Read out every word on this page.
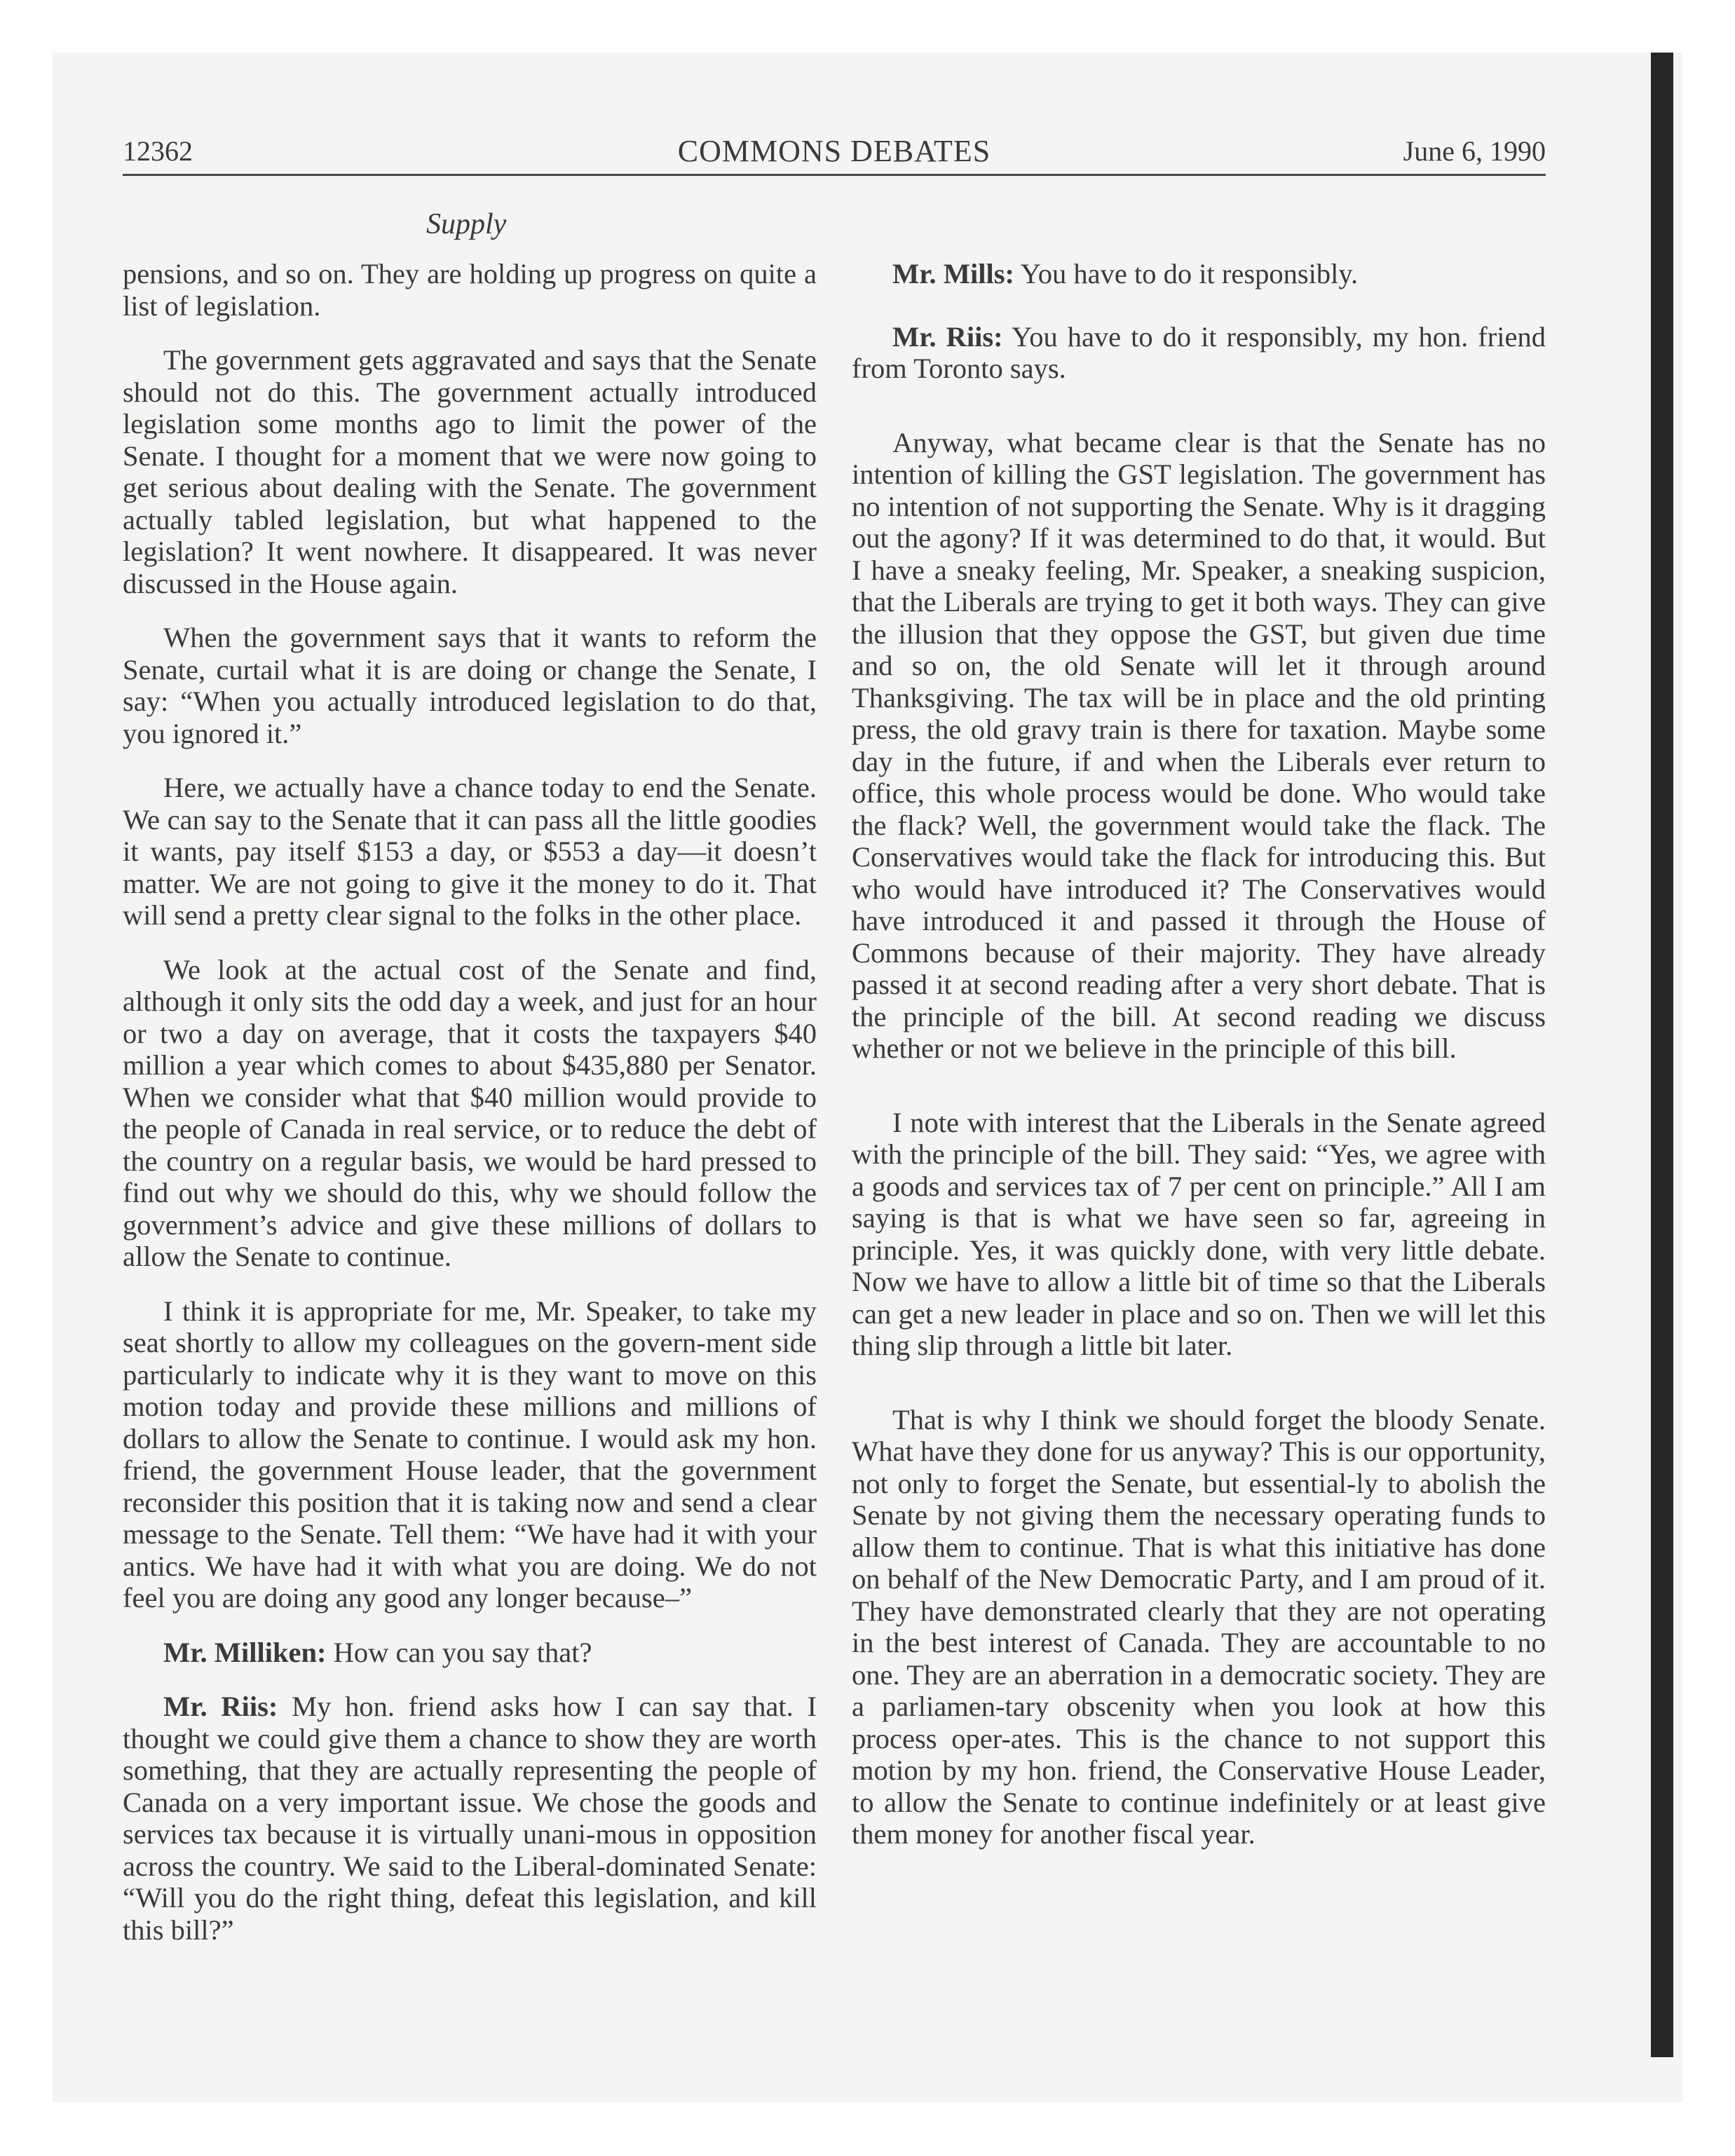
12362	COMMONS DEBATES	June 6, 1990
Supply

pensions, and so on. They are holding up progress on quite a list of legislation.

The government gets aggravated and says that the Senate should not do this. The government actually introduced legislation some months ago to limit the power of the Senate. I thought for a moment that we were now going to get serious about dealing with the Senate. The government actually tabled legislation, but what happened to the legislation? It went nowhere. It disappeared. It was never discussed in the House again.

When the government says that it wants to reform the Senate, curtail what it is are doing or change the Senate, I say: “When you actually introduced legislation to do that, you ignored it.”

Here, we actually have a chance today to end the Senate. We can say to the Senate that it can pass all the little goodies it wants, pay itself $153 a day, or $553 a day—it doesn’t matter. We are not going to give it the money to do it. That will send a pretty clear signal to the folks in the other place.

We look at the actual cost of the Senate and find, although it only sits the odd day a week, and just for an hour or two a day on average, that it costs the taxpayers $40 million a year which comes to about $435,880 per Senator. When we consider what that $40 million would provide to the people of Canada in real service, or to reduce the debt of the country on a regular basis, we would be hard pressed to find out why we should do this, why we should follow the government’s advice and give these millions of dollars to allow the Senate to continue.

I think it is appropriate for me, Mr. Speaker, to take my seat shortly to allow my colleagues on the govern-ment side particularly to indicate why it is they want to move on this motion today and provide these millions and millions of dollars to allow the Senate to continue. I would ask my hon. friend, the government House leader, that the government reconsider this position that it is taking now and send a clear message to the Senate. Tell them: “We have had it with your antics. We have had it with what you are doing. We do not feel you are doing any good any longer because–”

Mr. Milliken: How can you say that?

Mr. Riis: My hon. friend asks how I can say that. I thought we could give them a chance to show they are worth something, that they are actually representing the people of Canada on a very important issue. We chose the goods and services tax because it is virtually unani-mous in opposition across the country. We said to the Liberal-dominated Senate: “Will you do the right thing, defeat this legislation, and kill this bill?”

Mr. Mills: You have to do it responsibly.

Mr. Riis: You have to do it responsibly, my hon. friend from Toronto says.

Anyway, what became clear is that the Senate has no intention of killing the GST legislation. The government has no intention of not supporting the Senate. Why is it dragging out the agony? If it was determined to do that, it would. But I have a sneaky feeling, Mr. Speaker, a sneaking suspicion, that the Liberals are trying to get it both ways. They can give the illusion that they oppose the GST, but given due time and so on, the old Senate will let it through around Thanksgiving. The tax will be in place and the old printing press, the old gravy train is there for taxation. Maybe some day in the future, if and when the Liberals ever return to office, this whole process would be done. Who would take the flack? Well, the government would take the flack. The Conservatives would take the flack for introducing this. But who would have introduced it? The Conservatives would have introduced it and passed it through the House of Commons because of their majority. They have already passed it at second reading after a very short debate. That is the principle of the bill. At second reading we discuss whether or not we believe in the principle of this bill.

I note with interest that the Liberals in the Senate agreed with the principle of the bill. They said: “Yes, we agree with a goods and services tax of 7 per cent on principle.” All I am saying is that is what we have seen so far, agreeing in principle. Yes, it was quickly done, with very little debate. Now we have to allow a little bit of time so that the Liberals can get a new leader in place and so on. Then we will let this thing slip through a little bit later.

That is why I think we should forget the bloody Senate. What have they done for us anyway? This is our opportunity, not only to forget the Senate, but essential-ly to abolish the Senate by not giving them the necessary operating funds to allow them to continue. That is what this initiative has done on behalf of the New Democratic Party, and I am proud of it. They have demonstrated clearly that they are not operating in the best interest of Canada. They are accountable to no one. They are an aberration in a democratic society. They are a parliamen-tary obscenity when you look at how this process oper-ates. This is the chance to not support this motion by my hon. friend, the Conservative House Leader, to allow the Senate to continue indefinitely or at least give them money for another fiscal year.
